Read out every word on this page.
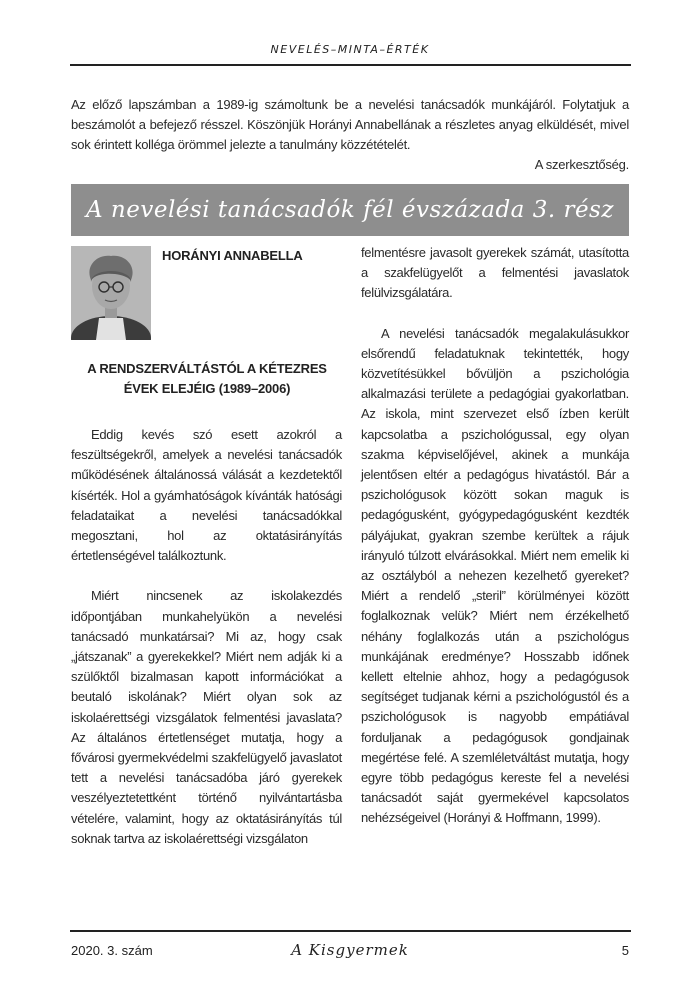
NEVELÉS–MINTA–ÉRTÉK

Az előző lapszámban a 1989-ig számoltunk be a nevelési tanácsadók munkájáról. Folytatjuk a beszámolót a befejező résszel. Köszönjük Horányi Annabellának a részletes anyag elküldését, mivel sok érintett kolléga örömmel jelezte a tanulmány közzétételét.

A szerkesztőség.

A nevelési tanácsadók fél évszázada 3. rész
HORÁNYI ANNABELLA
A RENDSZERVÁLTÁSTÓL A KÉTEZRES ÉVEK ELEJÉIG (1989–2006)

Eddig kevés szó esett azokról a feszültségekről, amelyek a nevelési tanácsadók működésének általánossá válását a kezdetektől kísérték. Hol a gyámhatóságok kívánták hatósági feladataikat a nevelési tanácsadókkal megosztani, hol az oktatásirányítás értetlenségével találkoztunk.

Miért nincsenek az iskolakezdés időpontjában munkahelyükön a nevelési tanácsadó munkatársai? Mi az, hogy csak „játszanak” a gyerekekkel? Miért nem adják ki a szülőktől bizalmasan kapott információkat a beutaló iskolának? Miért olyan sok az iskolaérettségi vizsgálatok felmentési javaslata? Az általános értetlenséget mutatja, hogy a fővárosi gyermekvédelmi szakfelügyelő javaslatot tett a nevelési tanácsadóba járó gyerekek veszélyeztetettként történő nyilvántartásba vételére, valamint, hogy az oktatásirányítás túl soknak tartva az iskolaérettségi vizsgálaton

felmentésre javasolt gyerekek számát, utasította a szakfelügyelőt a felmentési javaslatok felülvizsgálatára.

A nevelési tanácsadók megalakulásukkor elsőrendű feladatuknak tekintették, hogy közvetítésükkel bővüljön a pszichológia alkalmazási területe a pedagógiai gyakorlatban. Az iskola, mint szervezet első ízben került kapcsolatba a pszichológussal, egy olyan szakma képviselőjével, akinek a munkája jelentősen eltér a pedagógus hivatástól. Bár a pszichológusok között sokan maguk is pedagógusként, gyógypedagógusként kezdték pályájukat, gyakran szembe kerültek a rájuk irányuló túlzott elvárásokkal. Miért nem emelik ki az osztályból a nehezen kezelhető gyereket? Miért a rendelő „steril” körülményei között foglalkoznak velük? Miért nem érzékelhető néhány foglalkozás után a pszichológus munkájának eredménye? Hosszabb időnek kellett eltelnie ahhoz, hogy a pedagógusok segítséget tudjanak kérni a pszichológustól és a pszichológusok is nagyobb empátiával forduljanak a pedagógusok gondjainak megértése felé. A szemléletváltást mutatja, hogy egyre több pedagógus kereste fel a nevelési tanácsadót saját gyermekével kapcsolatos nehézségeivel (Horányi & Hoffmann, 1999).

2020. 3. szám	A Kisgyermek	5
